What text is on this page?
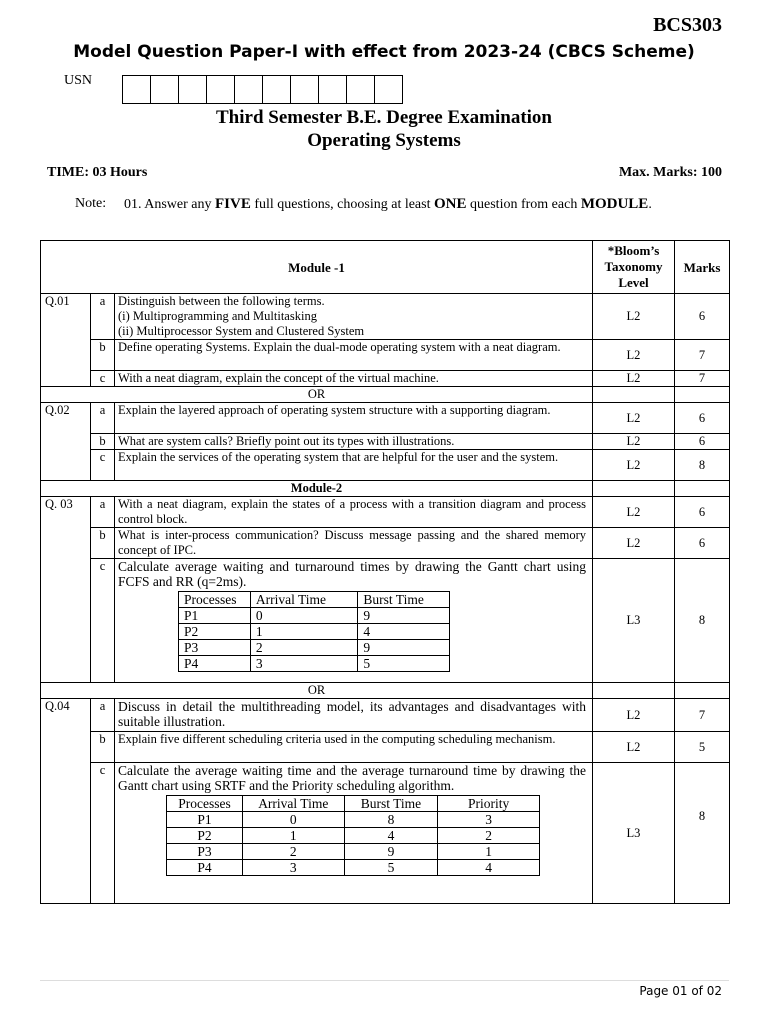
BCS303
Model Question Paper-I with effect from 2023-24 (CBCS Scheme)
USN
Third Semester B.E. Degree Examination
Operating Systems
TIME: 03 Hours	Max. Marks: 100
Note: 01. Answer any FIVE full questions, choosing at least ONE question from each MODULE.
Module -1	*Bloom’s Taxonomy Level	Marks
Q.01	a	Distinguish between the following terms.
(i) Multiprogramming and Multitasking
(ii) Multiprocessor System and Clustered System
	L2	6
b	Define operating Systems. Explain the dual-mode operating system with a neat diagram.	L2	7
c	With a neat diagram, explain the concept of the virtual machine.	L2	7
OR		
Q.02	a	Explain the layered approach of operating system structure with a supporting diagram.	L2	6
b	What are system calls? Briefly point out its types with illustrations.	L2	6
c	Explain the services of the operating system that are helpful for the user and the system.	L2	8
Module-2		
Q. 03	a	With a neat diagram, explain the states of a process with a transition diagram and process control block.	L2	6
b	What is inter-process communication? Discuss message passing and the shared memory concept of IPC.	L2	6
c	Calculate average waiting and turnaround times by drawing the Gantt chart using FCFS and RR (q=2ms).
Processes	Arrival Time	Burst Time
P1	0	9
P2	1	4
P3	2	9
P4	3	5
	L3	8
OR		
Q.04	a	Discuss in detail the multithreading model, its advantages and disadvantages with suitable illustration.	L2	7
b	Explain five different scheduling criteria used in the computing scheduling mechanism.	L2	5
c	Calculate the average waiting time and the average turnaround time by drawing the Gantt chart using SRTF and the Priority scheduling algorithm.
Processes	Arrival Time	Burst Time	Priority
P1	0	8	3
P2	1	4	2
P3	2	9	1
P4	3	5	4
	L3	8
Page 01 of 02
